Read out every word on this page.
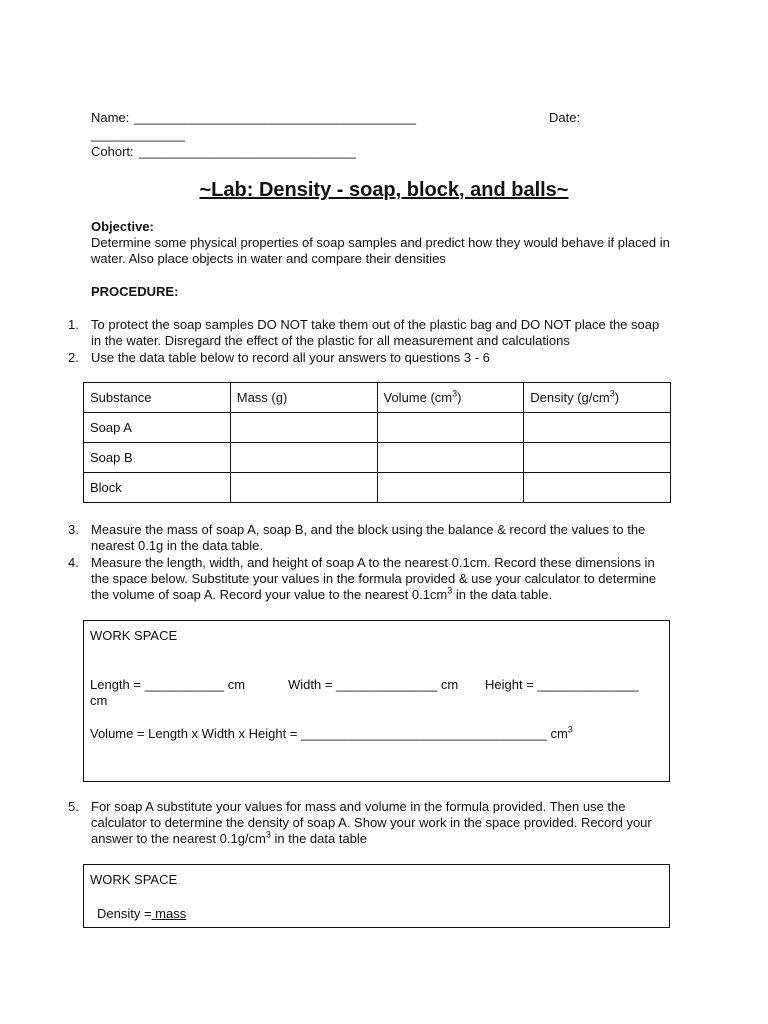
Name: _______________________________________	Date:
_____________
Cohort: ______________________________
~Lab: Density - soap, block, and balls~
Objective:
Determine some physical properties of soap samples and predict how they would behave if placed in water. Also place objects in water and compare their densities
PROCEDURE:
1. To protect the soap samples DO NOT take them out of the plastic bag and DO NOT place the soap in the water. Disregard the effect of the plastic for all measurement and calculations
2. Use the data table below to record all your answers to questions 3 - 6
Substance	Mass (g)	Volume $(cm^3)$	Density $(g/cm^3)$
Soap A			
Soap B			
Block			
3. Measure the mass of soap A, soap B, and the block using the balance & record the values to the nearest 0.1g in the data table.
4. Measure the length, width, and height of soap A to the nearest 0.1cm. Record these dimensions in the space below. Substitute your values in the formula provided & use your calculator to determine the volume of soap A. Record your value to the nearest $0.1cm^3$ in the data table.
WORK SPACE
Length = ___________ cm	Width = ______________ cm Height = ______________
cm
Volume = Length x Width x Height = __________________________________ $cm^3$
5. For soap A substitute your values for mass and volume in the formula provided. Then use the calculator to determine the density of soap A. Show your work in the space provided. Record your answer to the nearest $0.1g/cm^3$ in the data table
WORK SPACE
Density = mass
